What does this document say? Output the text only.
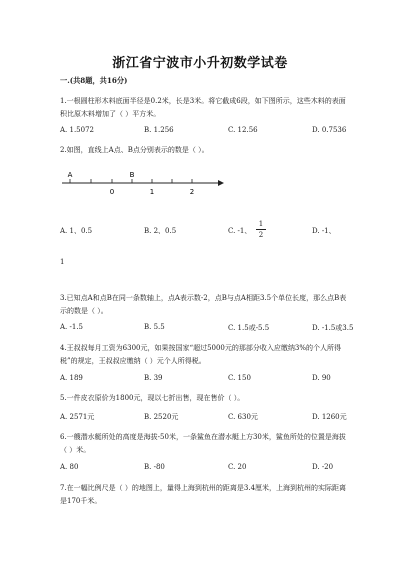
浙江省宁波市小升初数学试卷
一.(共8题，共16分)
1.一根圆柱形木料底面半径是0.2米，长是3米。将它截成6段，如下图所示，这些木料的表面积比原木料增加了（ ）平方米。
A. 1.5072	B. 1.256	C. 12.56	D. 0.7536
2.如图，直线上A点、B点分别表示的数是（ ）。
A	B
0	1	2
A. 1、0.5	B. 2、0.5	C. -1、	D. -1、
1
2
1
3.已知点A和点B在同一条数轴上，点A表示数-2，点B与点A相距3.5个单位长度，那么点B表示的数是（ ）。
A. -1.5	B. 5.5	C. 1.5或-5.5	D. -1.5或3.5
4.王叔叔每月工资为6300元，如果按国家“超过5000元的那部分收入应缴纳3%的个人所得税”的规定，王叔叔应缴纳（ ）元个人所得税。
A. 189	B. 39	C. 150	D. 90
5.一件皮衣原价为1800元，现以七折出售，现在售价（ ）。
A. 2571元	B. 2520元	C. 630元	D. 1260元
6.一艘潜水艇所处的高度是海拔-50米，一条鲨鱼在潜水艇上方30米，鲨鱼所处的位置是海拔（ ）米。
A. 80	B. -80	C. 20	D. -20
7.在一幅比例尺是（ ）的地图上，量得上海到杭州的距离是3.4厘米，上海到杭州的实际距离是170千米。
